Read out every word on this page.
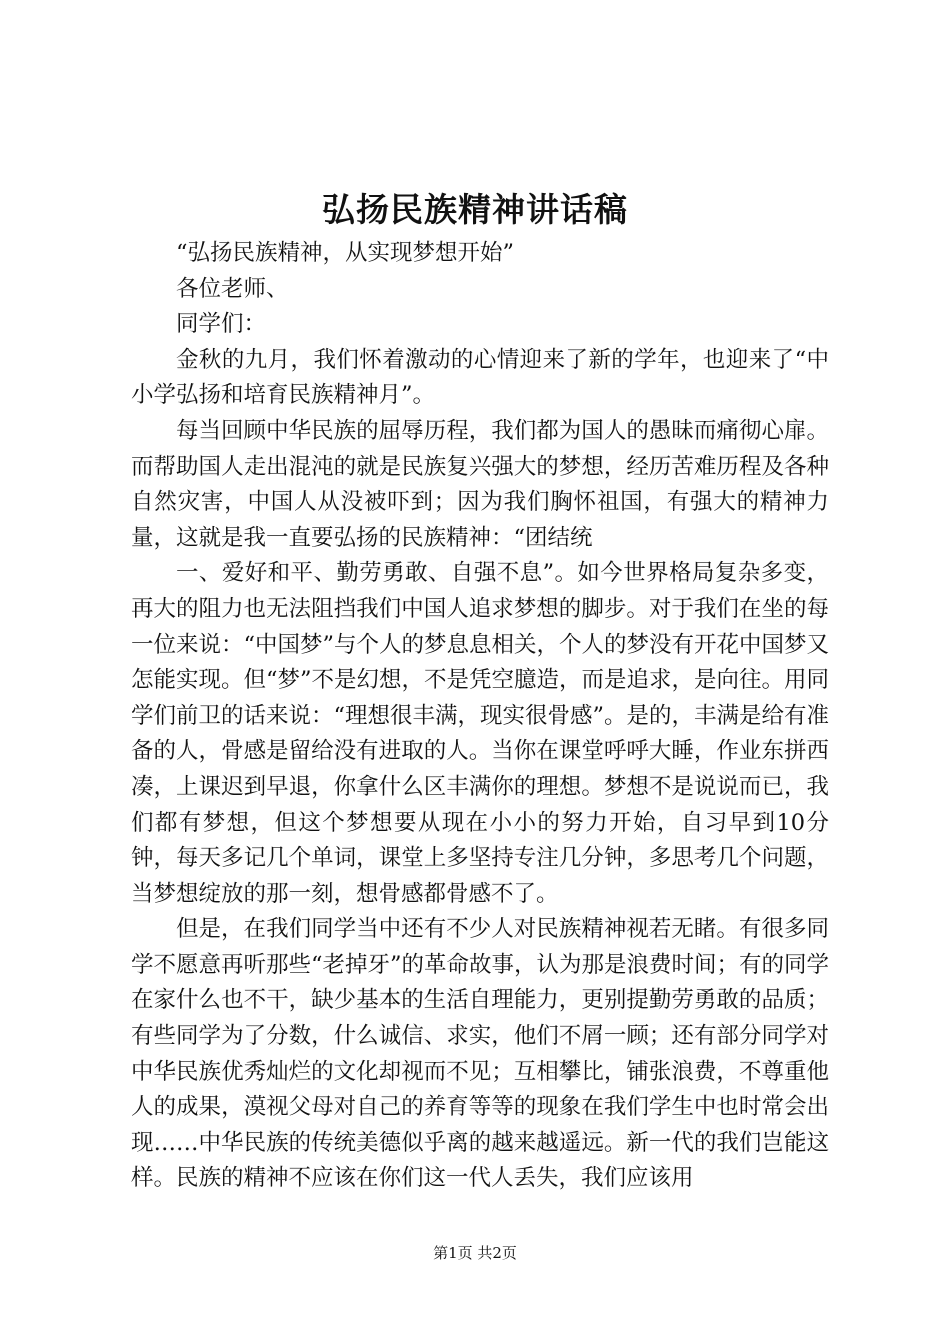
弘扬民族精神讲话稿

“弘扬民族精神，从实现梦想开始”

各位老师、

同学们：

金秋的九月，我们怀着激动的心情迎来了新的学年，也迎来了“中小学弘扬和培育民族精神月”。

每当回顾中华民族的屈辱历程，我们都为国人的愚昧而痛彻心扉。而帮助国人走出混沌的就是民族复兴强大的梦想，经历苦难历程及各种自然灾害，中国人从没被吓到；因为我们胸怀祖国，有强大的精神力量，这就是我一直要弘扬的民族精神：“团结统

一、爱好和平、勤劳勇敢、自强不息”。如今世界格局复杂多变，再大的阻力也无法阻挡我们中国人追求梦想的脚步。对于我们在坐的每一位来说：“中国梦”与个人的梦息息相关，个人的梦没有开花中国梦又怎能实现。但“梦”不是幻想，不是凭空臆造，而是追求，是向往。用同学们前卫的话来说：“理想很丰满，现实很骨感”。是的，丰满是给有准备的人，骨感是留给没有进取的人。当你在课堂呼呼大睡，作业东拼西凑，上课迟到早退，你拿什么区丰满你的理想。梦想不是说说而已，我们都有梦想，但这个梦想要从现在小小的努力开始，自习早到10分钟，每天多记几个单词，课堂上多坚持专注几分钟，多思考几个问题，当梦想绽放的那一刻，想骨感都骨感不了。

但是，在我们同学当中还有不少人对民族精神视若无睹。有很多同学不愿意再听那些“老掉牙”的革命故事，认为那是浪费时间；有的同学在家什么也不干，缺少基本的生活自理能力，更别提勤劳勇敢的品质；有些同学为了分数，什么诚信、求实，他们不屑一顾；还有部分同学对中华民族优秀灿烂的文化却视而不见；互相攀比，铺张浪费，不尊重他人的成果，漠视父母对自己的养育等等的现象在我们学生中也时常会出现……中华民族的传统美德似乎离的越来越遥远。新一代的我们岂能这样。民族的精神不应该在你们这一代人丢失，我们应该用

第1页 共2页
